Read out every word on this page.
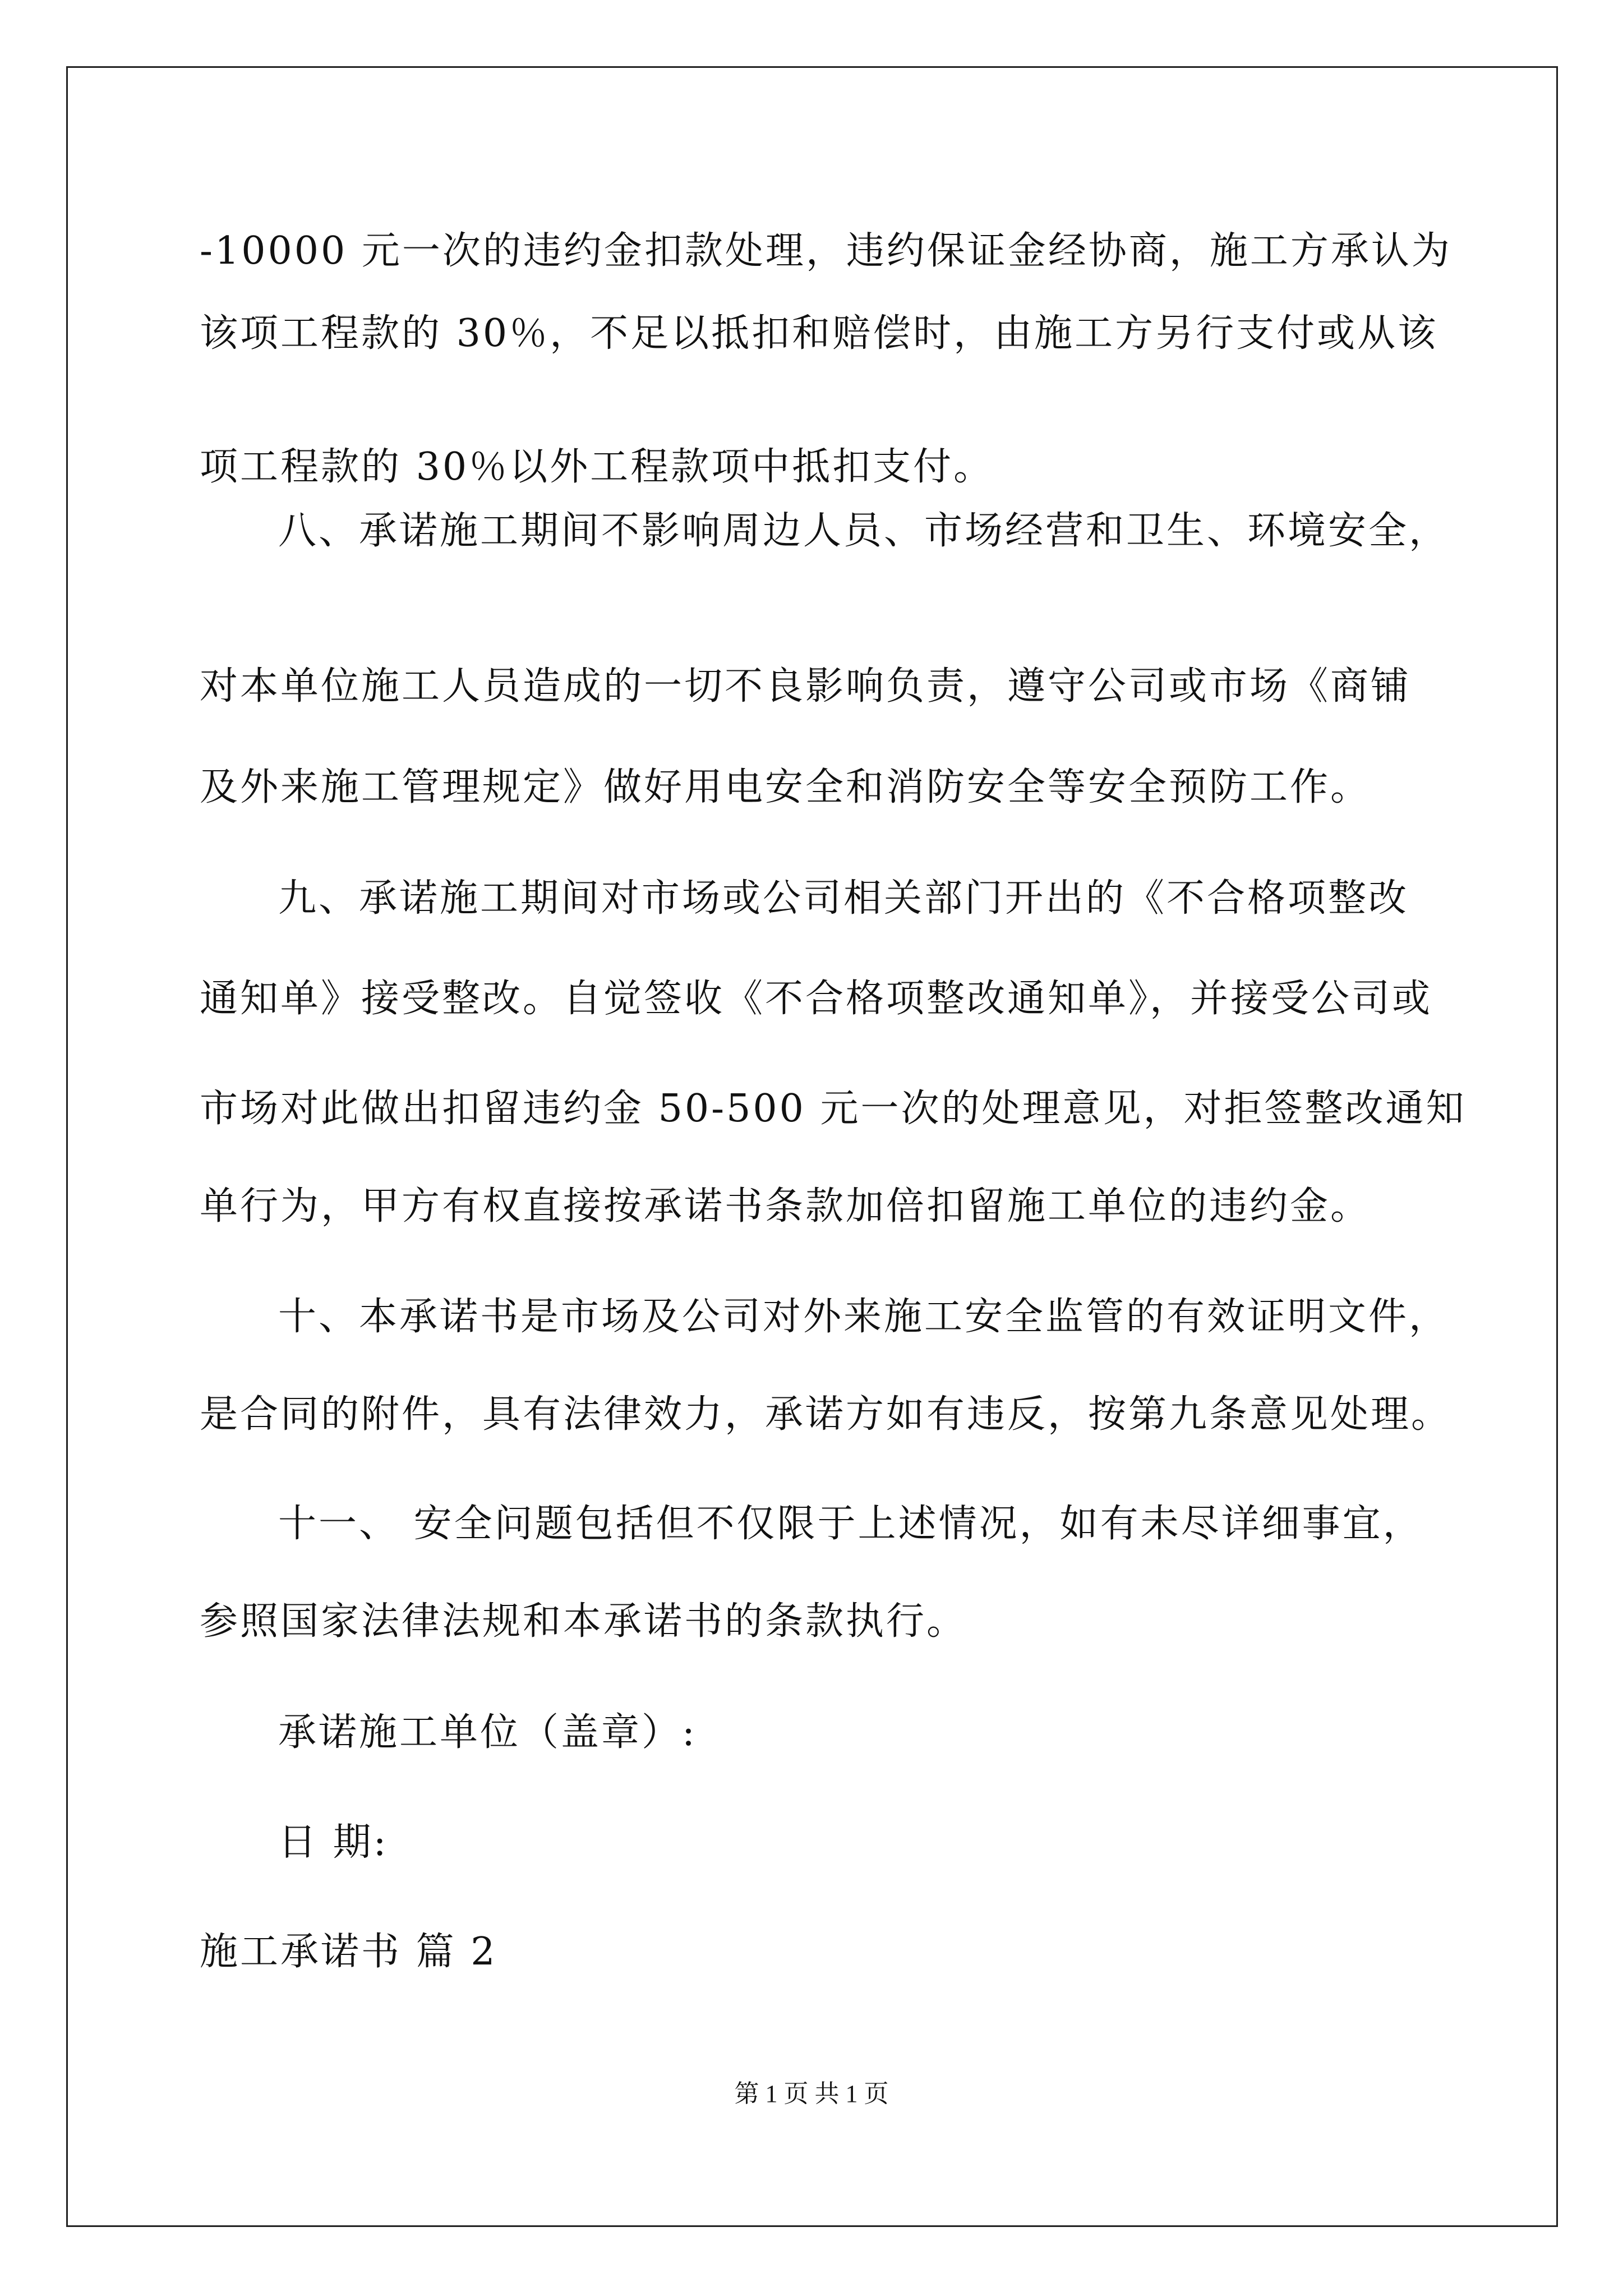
-10000 元一次的违约金扣款处理，违约保证金经协商，施工方承认为
该项工程款的 30％，不足以抵扣和赔偿时，由施工方另行支付或从该
项工程款的 30％以外工程款项中抵扣支付。
八、承诺施工期间不影响周边人员、市场经营和卫生、环境安全，
对本单位施工人员造成的一切不良影响负责，遵守公司或市场《商铺
及外来施工管理规定》做好用电安全和消防安全等安全预防工作。
九、承诺施工期间对市场或公司相关部门开出的《不合格项整改
通知单》接受整改。自觉签收《不合格项整改通知单》，并接受公司或
市场对此做出扣留违约金 50-500 元一次的处理意见，对拒签整改通知
单行为，甲方有权直接按承诺书条款加倍扣留施工单位的违约金。
十、本承诺书是市场及公司对外来施工安全监管的有效证明文件，
是合同的附件，具有法律效力，承诺方如有违反，按第九条意见处理。
十一、 安全问题包括但不仅限于上述情况，如有未尽详细事宜，
参照国家法律法规和本承诺书的条款执行。
承诺施工单位（盖章）:
日 期:
施工承诺书 篇 2
第 1 页 共 1 页
